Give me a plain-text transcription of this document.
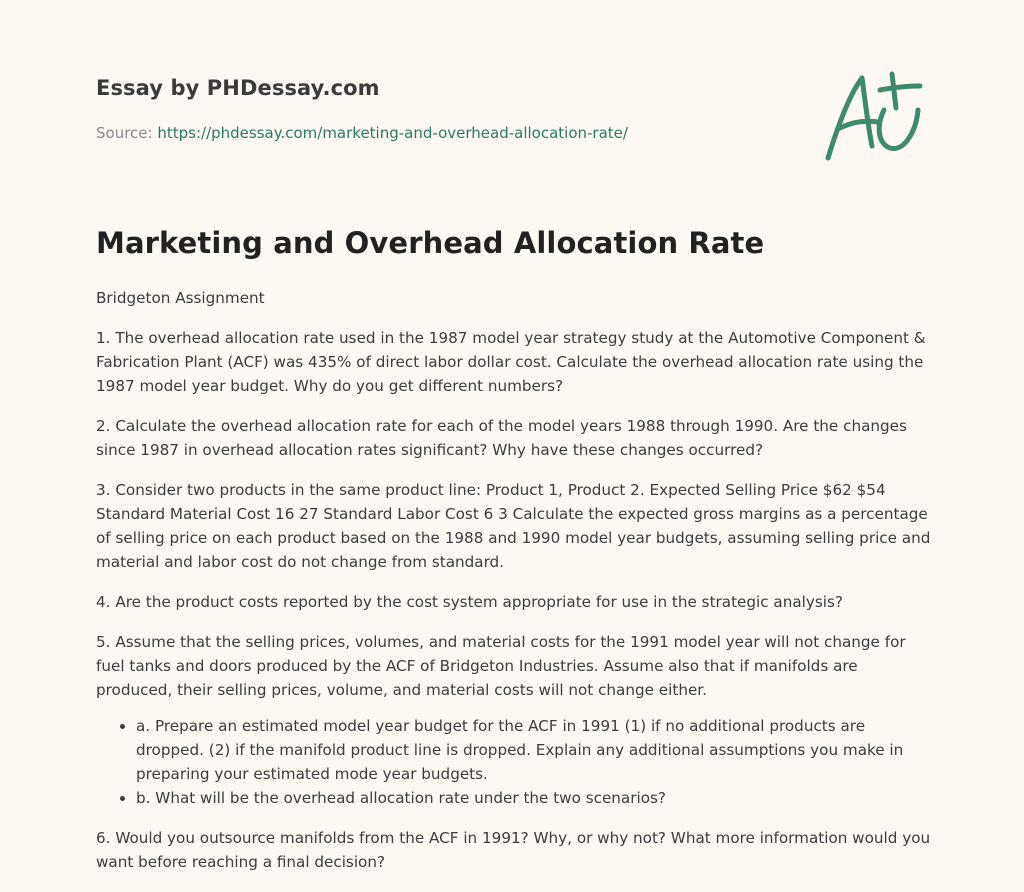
Essay by PHDessay.com
Source: https://phdessay.com/marketing-and-overhead-allocation-rate/
Marketing and Overhead Allocation Rate

Bridgeton Assignment

1. The overhead allocation rate used in the 1987 model year strategy study at the Automotive Component & Fabrication Plant (ACF) was 435% of direct labor dollar cost. Calculate the overhead allocation rate using the 1987 model year budget. Why do you get different numbers?

2. Calculate the overhead allocation rate for each of the model years 1988 through 1990. Are the changes since 1987 in overhead allocation rates significant? Why have these changes occurred?

3. Consider two products in the same product line: Product 1, Product 2. Expected Selling Price $62 $54 Standard Material Cost 16 27 Standard Labor Cost 6 3 Calculate the expected gross margins as a percentage of selling price on each product based on the 1988 and 1990 model year budgets, assuming selling price and material and labor cost do not change from standard.

4. Are the product costs reported by the cost system appropriate for use in the strategic analysis?

5. Assume that the selling prices, volumes, and material costs for the 1991 model year will not change for fuel tanks and doors produced by the ACF of Bridgeton Industries. Assume also that if manifolds are produced, their selling prices, volume, and material costs will not change either.

• a. Prepare an estimated model year budget for the ACF in 1991 (1) if no additional products are dropped. (2) if the manifold product line is dropped. Explain any additional assumptions you make in preparing your estimated mode year budgets.
• b. What will be the overhead allocation rate under the two scenarios?

6. Would you outsource manifolds from the ACF in 1991? Why, or why not? What more information would you want before reaching a final decision?
